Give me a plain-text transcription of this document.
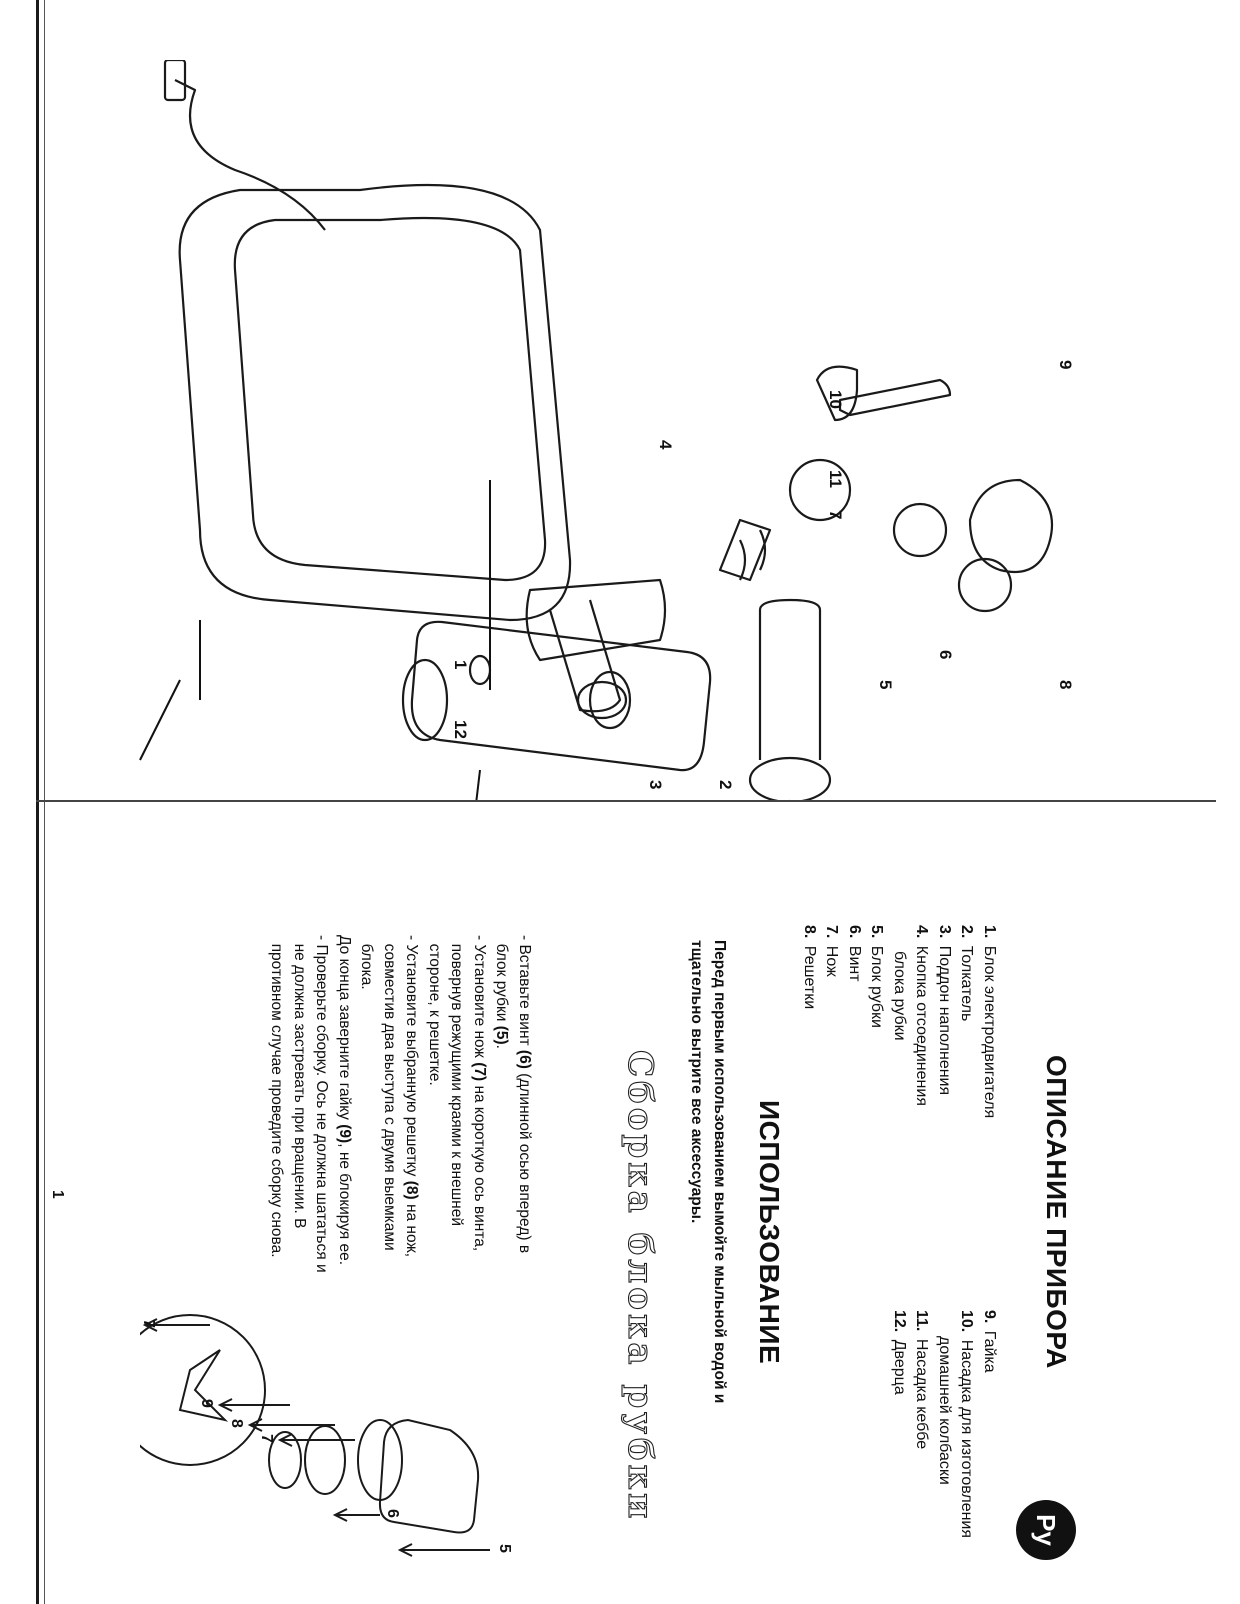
ОПИСАНИЕ ПРИБОРА
Ру
1. Блок электродвигателя
2. Толкатель
3. Поддон наполнения
4. Кнопка отсоединения
блока рубки
5. Блок рубки
6. Винт
7. Нож
8. Решетки
9. Гайка
10. Насадка для изготовления
домашней колбаски
11. Насадка кеббе
12. Дверца
ИСПОЛЬЗОВАНИЕ
Перед первым использованием вымойте мыльной водой и
тщательно вытрите все аксессуары.
Сборка блока рубки
- Вставьте винт (6) (длинной осью вперед) в
блок рубки (5).
- Установите нож (7) на короткую ось винта,
повернув режущими краями к внешней
стороне, к решетке.
- Установите выбранную решетку (8) на нож,
совместив два выступа с двумя выемками
блока.
До конца заверните гайку (9), не блокируя ее.
- Проверьте сборку. Ось не должна шататься и
не должна застревать при вращении. В
противном случае проведите сборку снова.
1
5
6
7
8
9
7
9
8
6
5
7
11
10
2
4
3
1
12
